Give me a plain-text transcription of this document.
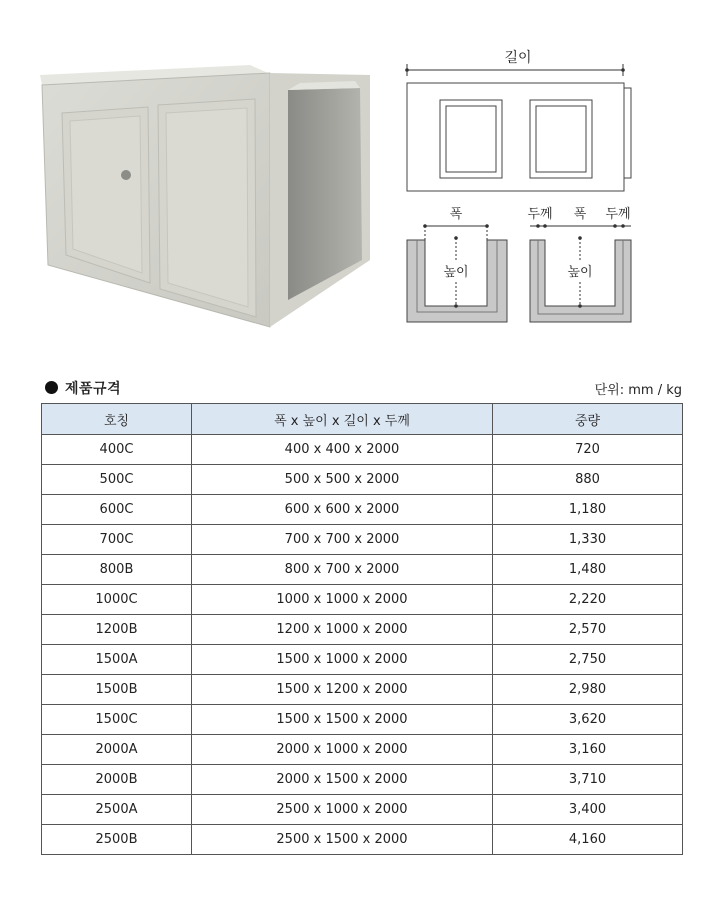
길이
폭
높이
두께 폭 두께
높이
제품규격	단위: mm / kg
호칭	폭 x 높이 x 길이 x 두께	중량
400C	400 x 400 x 2000	720
500C	500 x 500 x 2000	880
600C	600 x 600 x 2000	1,180
700C	700 x 700 x 2000	1,330
800B	800 x 700 x 2000	1,480
1000C	1000 x 1000 x 2000	2,220
1200B	1200 x 1000 x 2000	2,570
1500A	1500 x 1000 x 2000	2,750
1500B	1500 x 1200 x 2000	2,980
1500C	1500 x 1500 x 2000	3,620
2000A	2000 x 1000 x 2000	3,160
2000B	2000 x 1500 x 2000	3,710
2500A	2500 x 1000 x 2000	3,400
2500B	2500 x 1500 x 2000	4,160
